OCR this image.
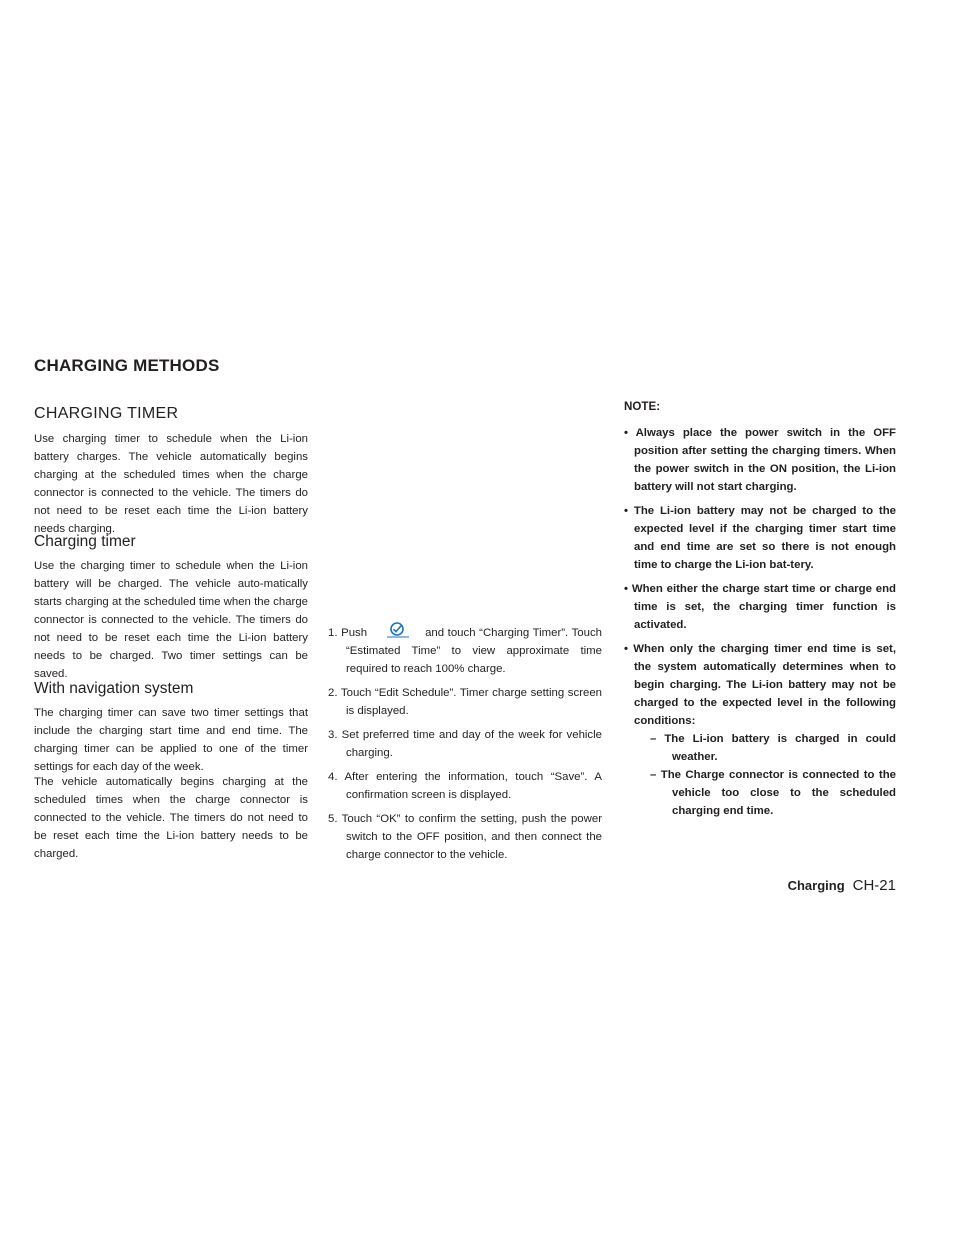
CHARGING METHODS
CHARGING TIMER

Use charging timer to schedule when the Li-ion battery charges. The vehicle automatically begins charging at the scheduled times when the charge connector is connected to the vehicle. The timers do not need to be reset each time the Li-ion battery needs charging.

Charging timer

Use the charging timer to schedule when the Li-ion battery will be charged. The vehicle auto-matically starts charging at the scheduled time when the charge connector is connected to the vehicle. The timers do not need to be reset each time the Li-ion battery needs to be charged. Two timer settings can be saved.

With navigation system

The charging timer can save two timer settings that include the charging start time and end time. The charging timer can be applied to one of the timer settings for each day of the week.

The vehicle automatically begins charging at the scheduled times when the charge connector is connected to the vehicle. The timers do not need to be reset each time the Li-ion battery needs to be charged.

1. Push	and touch “Charging Timer”. Touch “Estimated Time” to view approximate time required to reach 100% charge.
2. Touch “Edit Schedule”. Timer charge setting screen is displayed.
3. Set preferred time and day of the week for vehicle charging.
4. After entering the information, touch “Save”. A confirmation screen is displayed.
5. Touch “OK” to confirm the setting, push the power switch to the OFF position, and then connect the charge connector to the vehicle.

NOTE:

• Always place the power switch in the OFF position after setting the charging timers. When the power switch in the ON position, the Li-ion battery will not start charging.
• The Li-ion battery may not be charged to the expected level if the charging timer start time and end time are set so there is not enough time to charge the Li-ion bat-tery.
• When either the charge start time or charge end time is set, the charging timer function is activated.
• When only the charging timer end time is set, the system automatically determines when to begin charging. The Li-ion battery may not be charged to the expected level in the following conditions:
– The Li-ion battery is charged in could weather.
– The Charge connector is connected to the vehicle too close to the scheduled charging end time.
Charging CH-21
